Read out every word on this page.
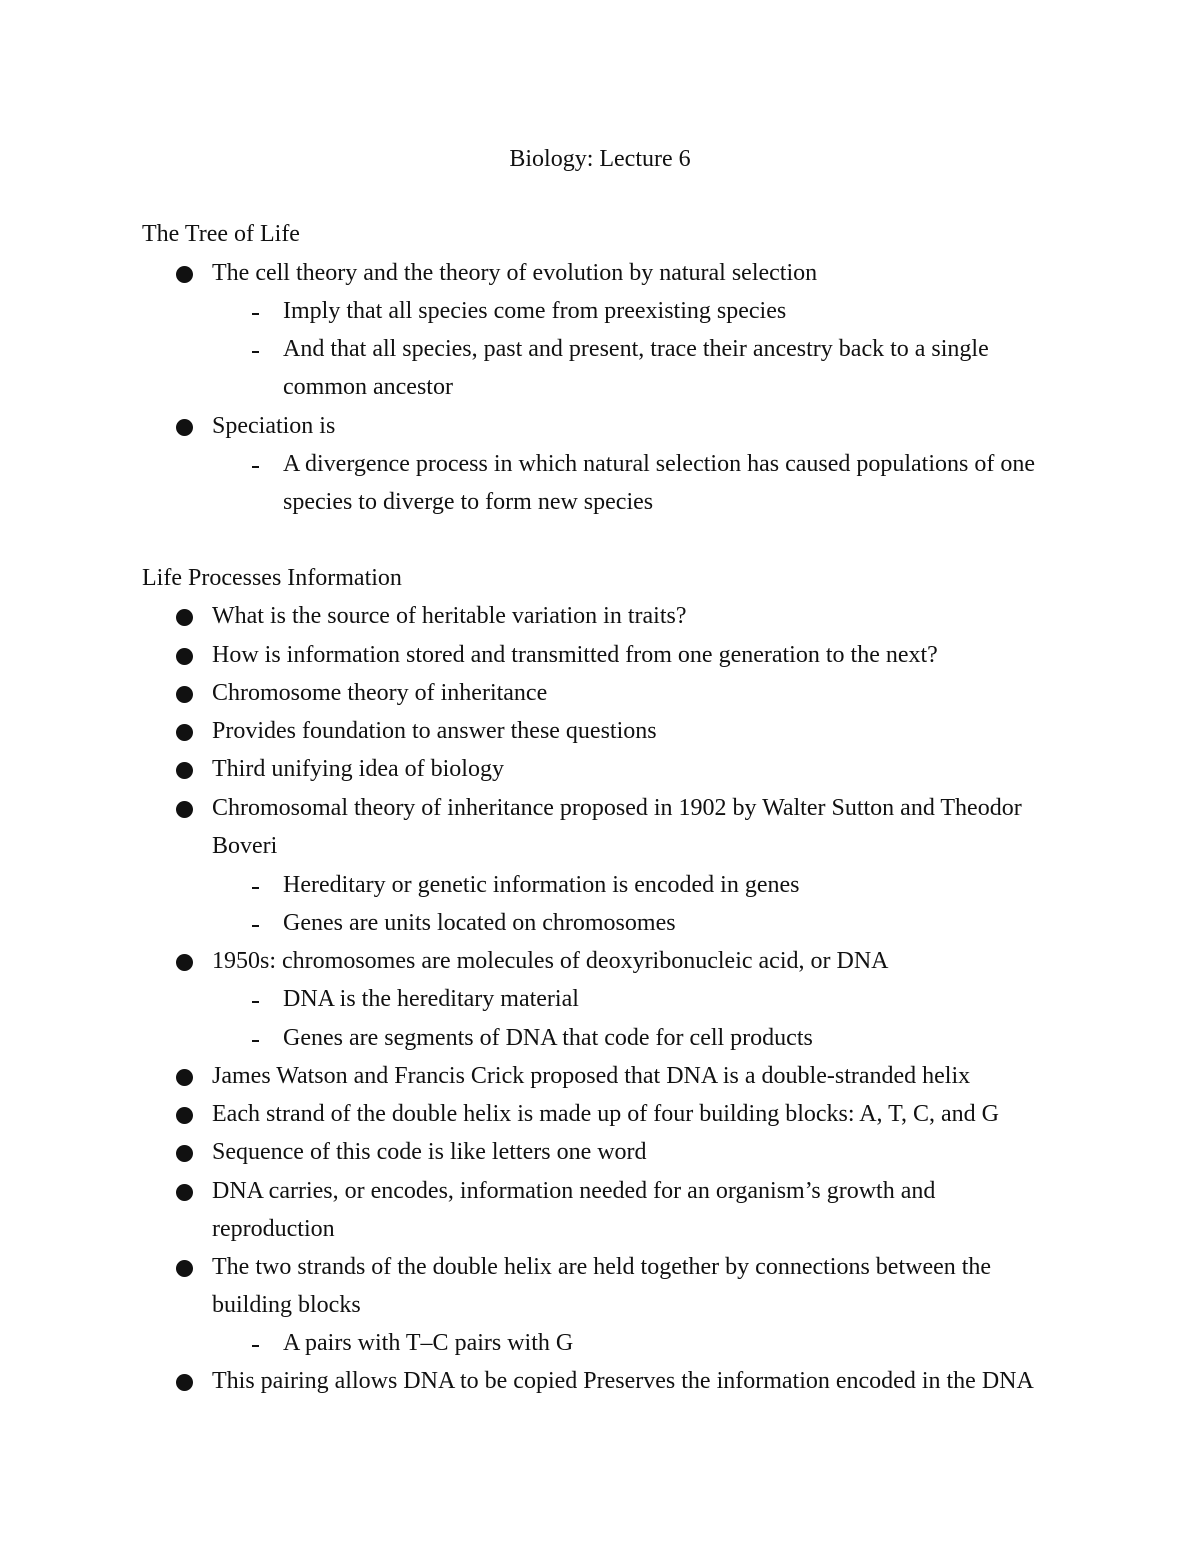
Biology: Lecture 6
The Tree of Life
The cell theory and the theory of evolution by natural selection
Imply that all species come from preexisting species
And that all species, past and present, trace their ancestry back to a single common ancestor
Speciation is
A divergence process in which natural selection has caused populations of one species to diverge to form new species
Life Processes Information
What is the source of heritable variation in traits?
How is information stored and transmitted from one generation to the next?
Chromosome theory of inheritance
Provides foundation to answer these questions
Third unifying idea of biology
Chromosomal theory of inheritance proposed in 1902 by Walter Sutton and Theodor Boveri
Hereditary or genetic information is encoded in genes
Genes are units located on chromosomes
1950s: chromosomes are molecules of deoxyribonucleic acid, or DNA
DNA is the hereditary material
Genes are segments of DNA that code for cell products
James Watson and Francis Crick proposed that DNA is a double-stranded helix
Each strand of the double helix is made up of four building blocks: A, T, C, and G
Sequence of this code is like letters one word
DNA carries, or encodes, information needed for an organism’s growth and reproduction
The two strands of the double helix are held together by connections between the building blocks
A pairs with T–C pairs with G
This pairing allows DNA to be copied Preserves the information encoded in the DNA
